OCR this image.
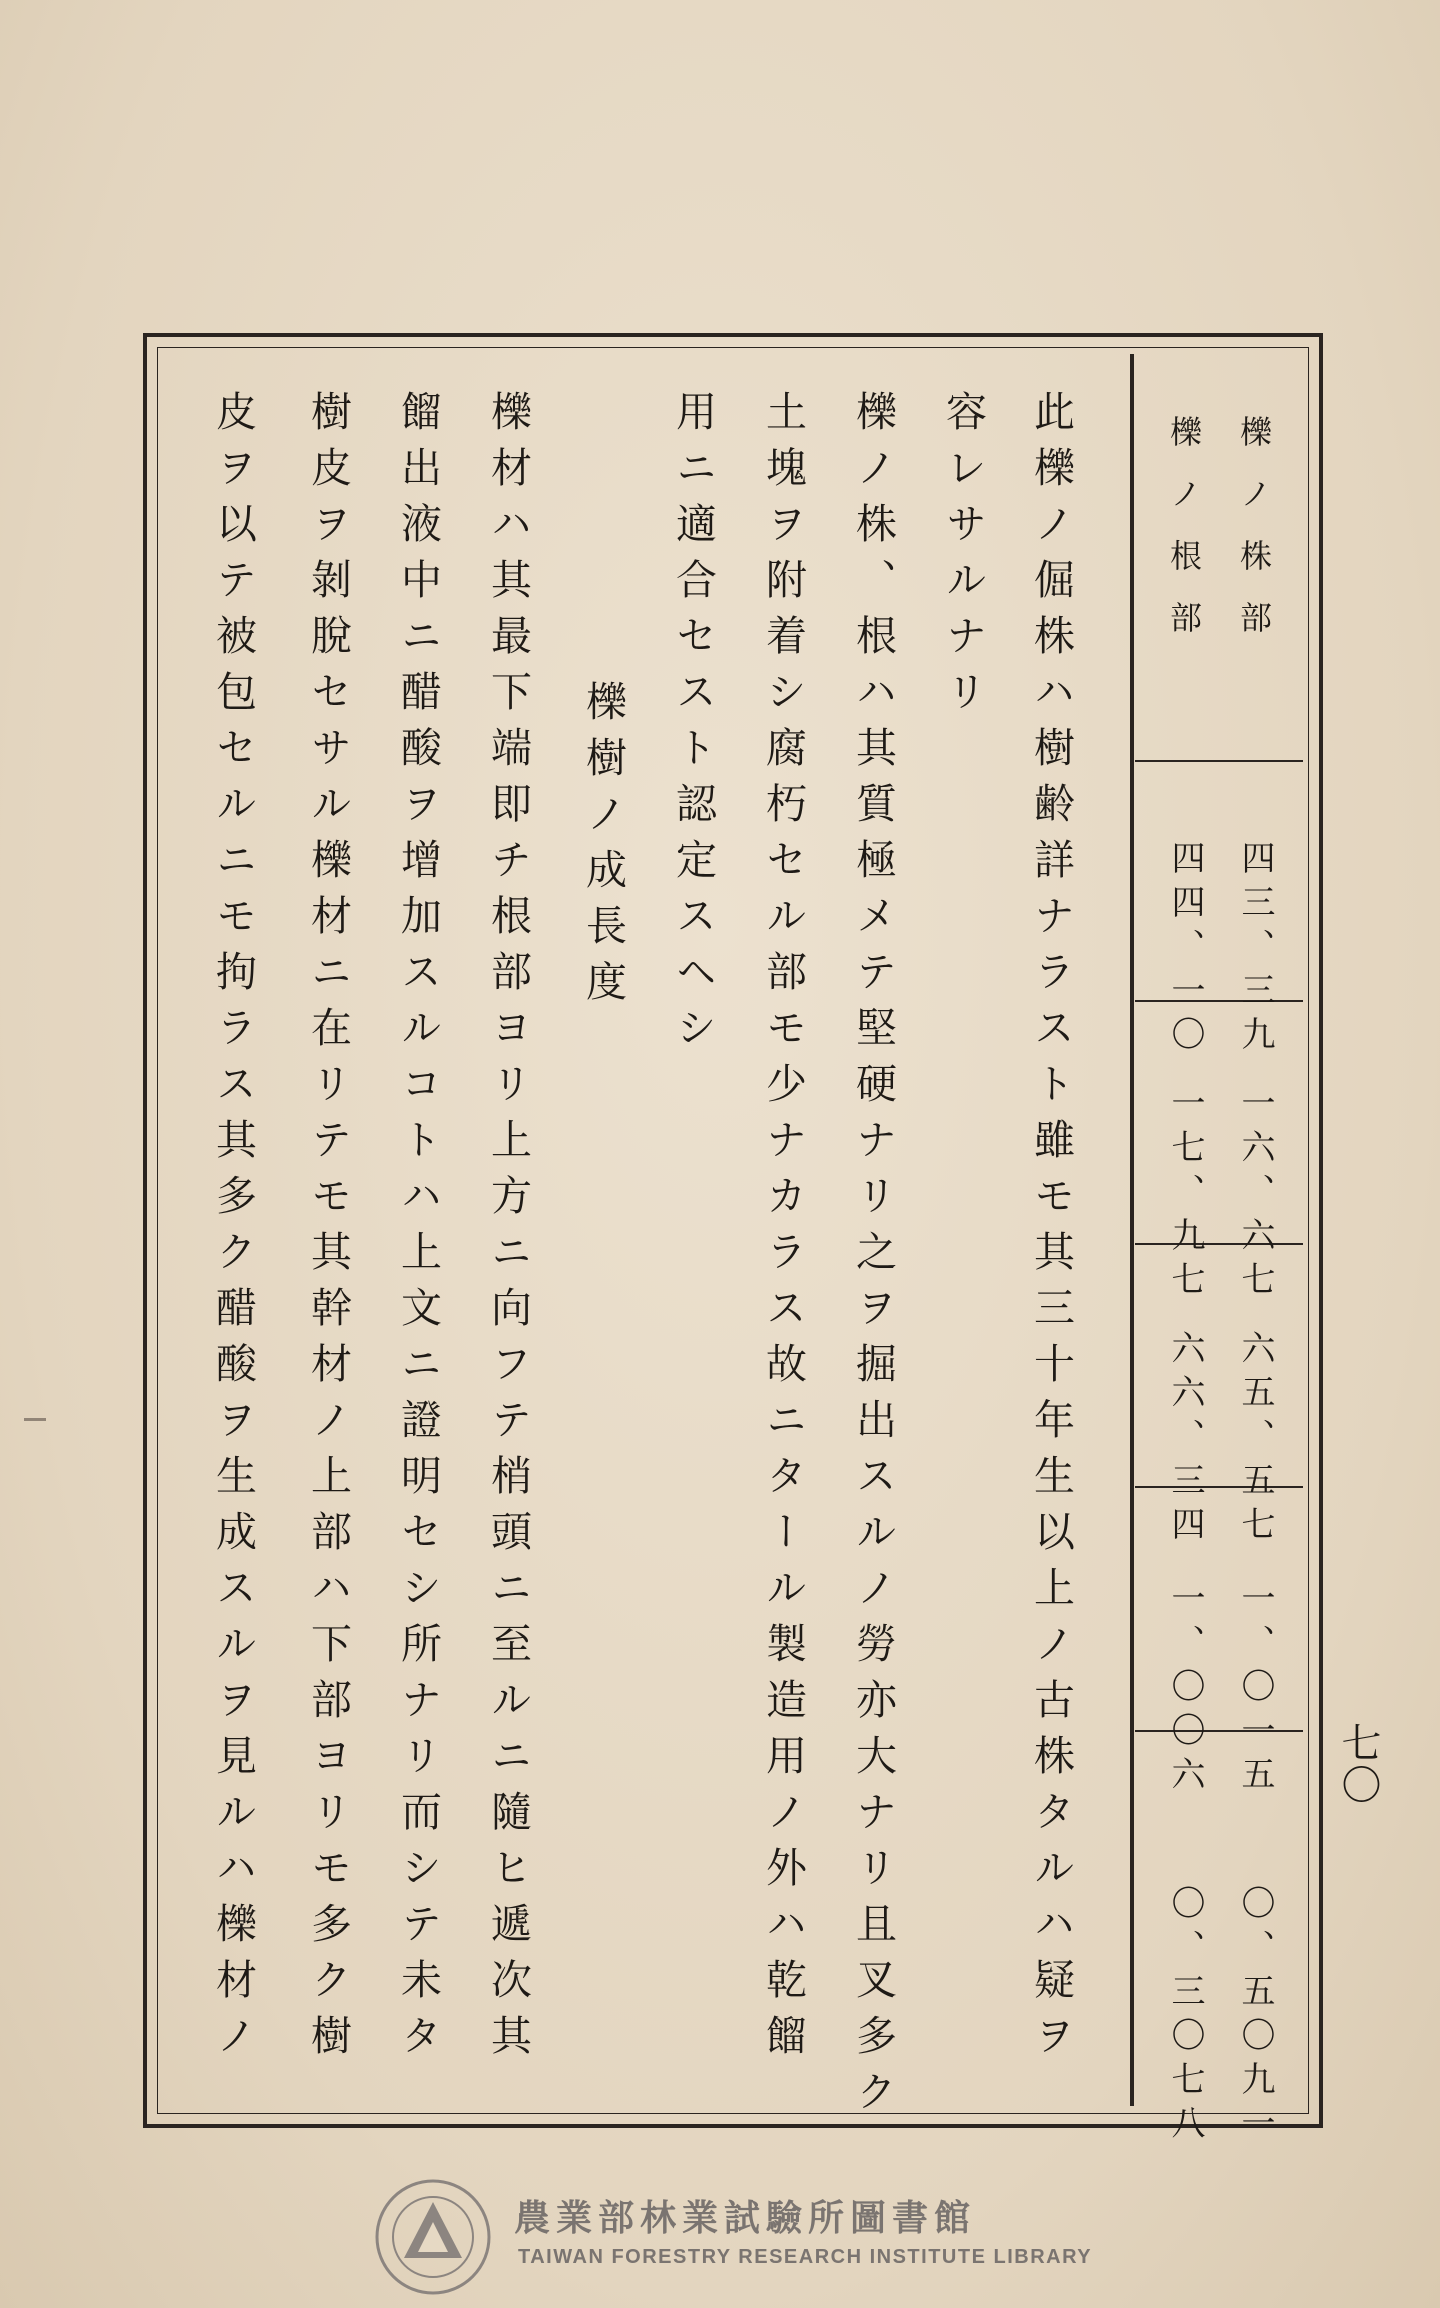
此櫟ノ倔株ハ樹齢詳ナラスト雖モ其三十年生以上ノ古株タルハ疑ヲ
容レサルナリ
櫟ノ株、根ハ其質極メテ堅硬ナリ之ヲ掘出スルノ勞亦大ナリ且叉多ク
土塊ヲ附着シ腐朽セル部モ少ナカラス故ニタール製造用ノ外ハ乾餾
用ニ適合セスト認定スヘシ
櫟樹ノ成長度
櫟材ハ其最下端即チ根部ヨリ上方ニ向フテ梢頭ニ至ルニ隨ヒ遞次其
餾出液中ニ醋酸ヲ增加スルコトハ上文ニ證明セシ所ナリ而シテ未タ
樹皮ヲ剝脫セサル櫟材ニ在リテモ其幹材ノ上部ハ下部ヨリモ多ク樹
皮ヲ以テ被包セルニモ拘ラス其多ク醋酸ヲ生成スルヲ見ルハ櫟材ノ	櫟ノ株部
櫟ノ根部
四三、三九
四四、一〇
一六、六七
一七、九七
六五、五七
六六、三四
一、〇一五
一、〇〇六
〇、五〇九一
〇、三〇七八
七〇
農業部林業試驗所圖書館
TAIWAN FORESTRY RESEARCH INSTITUTE LIBRARY
